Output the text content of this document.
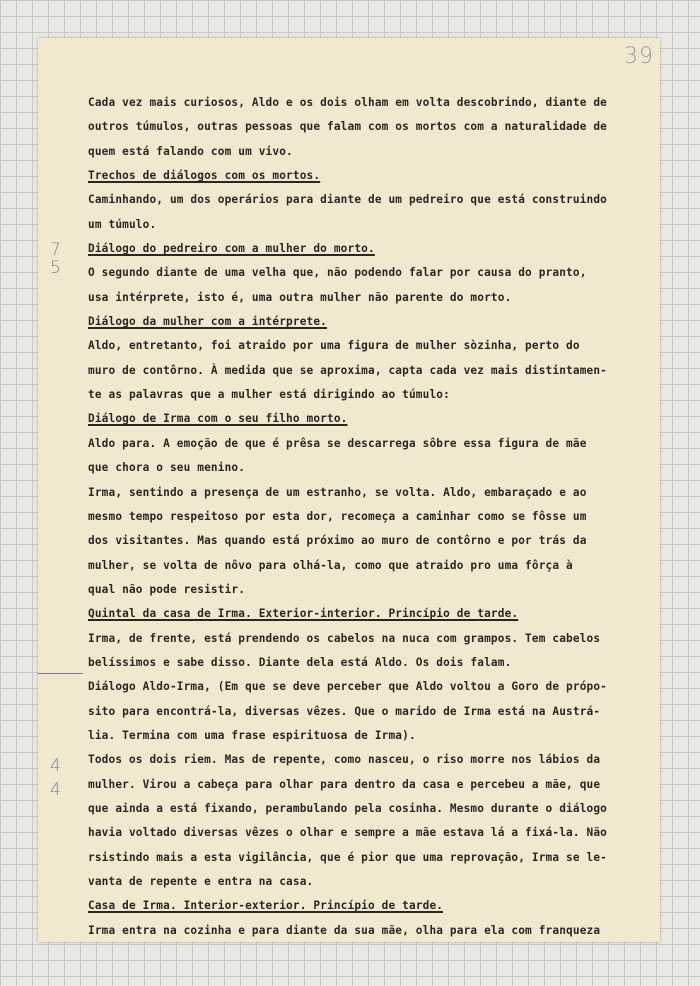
39
7
5
4
4
Cada vez mais curiosos, Aldo e os dois olham em volta descobrindo, diante de
outros túmulos, outras pessoas que falam com os mortos com a naturalidade de
quem está falando com um vivo.
Trechos de diálogos com os mortos.
Caminhando, um dos operários para diante de um pedreiro que está construindo
um túmulo.
Diálogo do pedreiro com a mulher do morto.
O segundo diante de uma velha que, não podendo falar por causa do pranto,
usa intérprete, isto é, uma outra mulher não parente do morto.
Diálogo da mulher com a intérprete.
Aldo, entretanto, foi atraido por uma figura de mulher sòzinha, perto do
muro de contôrno. À medida que se aproxima, capta cada vez mais distintamen-
te as palavras que a mulher está dirigindo ao túmulo:
Diálogo de Irma com o seu filho morto.
Aldo para. A emoção de que é prêsa se descarrega sôbre essa figura de mãe
que chora o seu menino.
Irma, sentindo a presença de um estranho, se volta. Aldo, embaraçado e ao
mesmo tempo respeitoso por esta dor, recomeça a caminhar como se fôsse um
dos visitantes. Mas quando está próximo ao muro de contôrno e por trás da
mulher, se volta de nôvo para olhá-la, como que atraido pro uma fôrça à
qual não pode resistir.
Quintal da casa de Irma. Exterior-interior. Princípio de tarde.
Irma, de frente, está prendendo os cabelos na nuca com grampos. Tem cabelos
belíssimos e sabe disso. Diante dela está Aldo. Os dois falam.
Diálogo Aldo-Irma, (Em que se deve perceber que Aldo voltou a Goro de própo-
sito para encontrá-la, diversas vêzes. Que o marido de Irma está na Austrá-
lia. Termina com uma frase espirituosa de Irma).
Todos os dois riem. Mas de repente, como nasceu, o riso morre nos lábios da
mulher. Virou a cabeça para olhar para dentro da casa e percebeu a mãe, que
que ainda a está fixando, perambulando pela cosinha. Mesmo durante o diálogo
havia voltado diversas vêzes o olhar e sempre a mãe estava lá a fixá-la. Não
rsistindo mais a esta vigilância, que é pior que uma reprovação, Irma se le-
vanta de repente e entra na casa.
Casa de Irma. Interior-exterior. Princípio de tarde.
Irma entra na cozinha e para diante da sua mãe, olha para ela com franqueza
